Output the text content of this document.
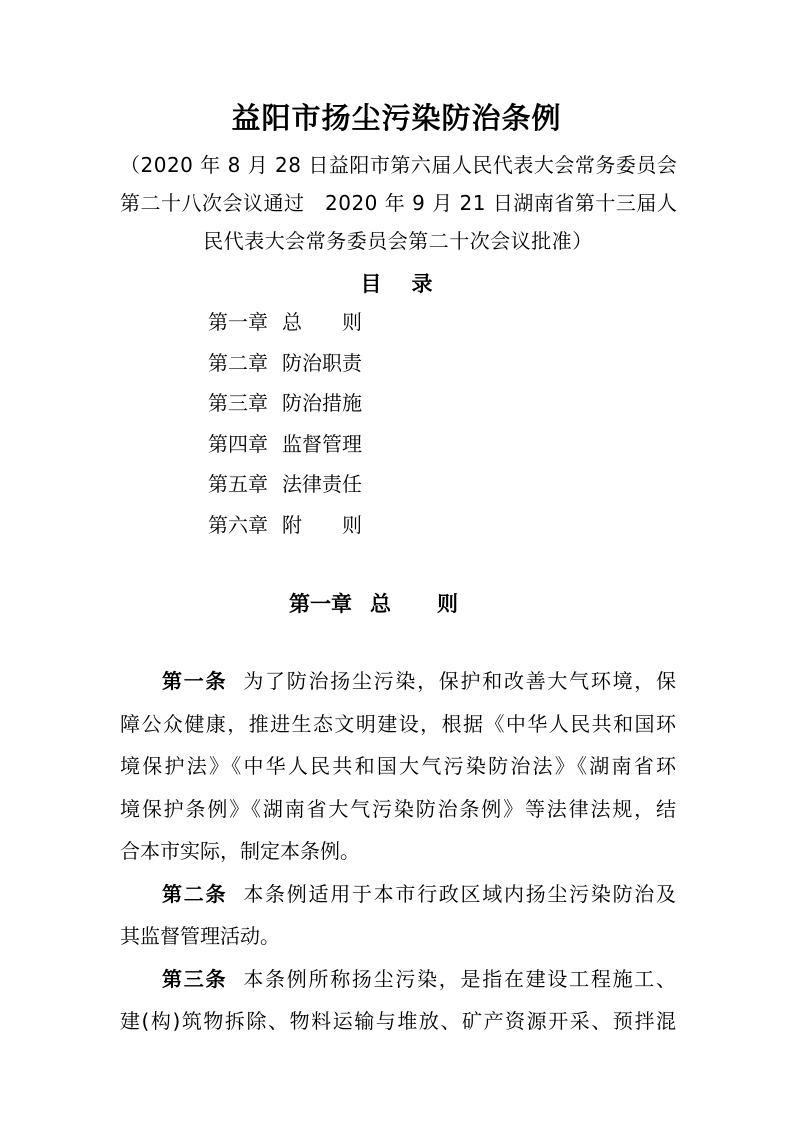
益阳市扬尘污染防治条例
（2020 年 8 月 28 日益阳市第六届人民代表大会常务委员会
第二十八次会议通过　2020 年 9 月 21 日湖南省第十三届人
民代表大会常务委员会第二十次会议批准）
目录
第一章 总则
第二章 防治职责
第三章 防治措施
第四章 监督管理
第五章 法律责任
第六章 附则
第一章 总则
第一条 为了防治扬尘污染，保护和改善大气环境，保
障公众健康，推进生态文明建设，根据《中华人民共和国环
境保护法》《中华人民共和国大气污染防治法》《湖南省环
境保护条例》《湖南省大气污染防治条例》等法律法规，结
合本市实际，制定本条例。
第二条 本条例适用于本市行政区域内扬尘污染防治及
其监督管理活动。
第三条 本条例所称扬尘污染，是指在建设工程施工、
建(构)筑物拆除、物料运输与堆放、矿产资源开采、预拌混
